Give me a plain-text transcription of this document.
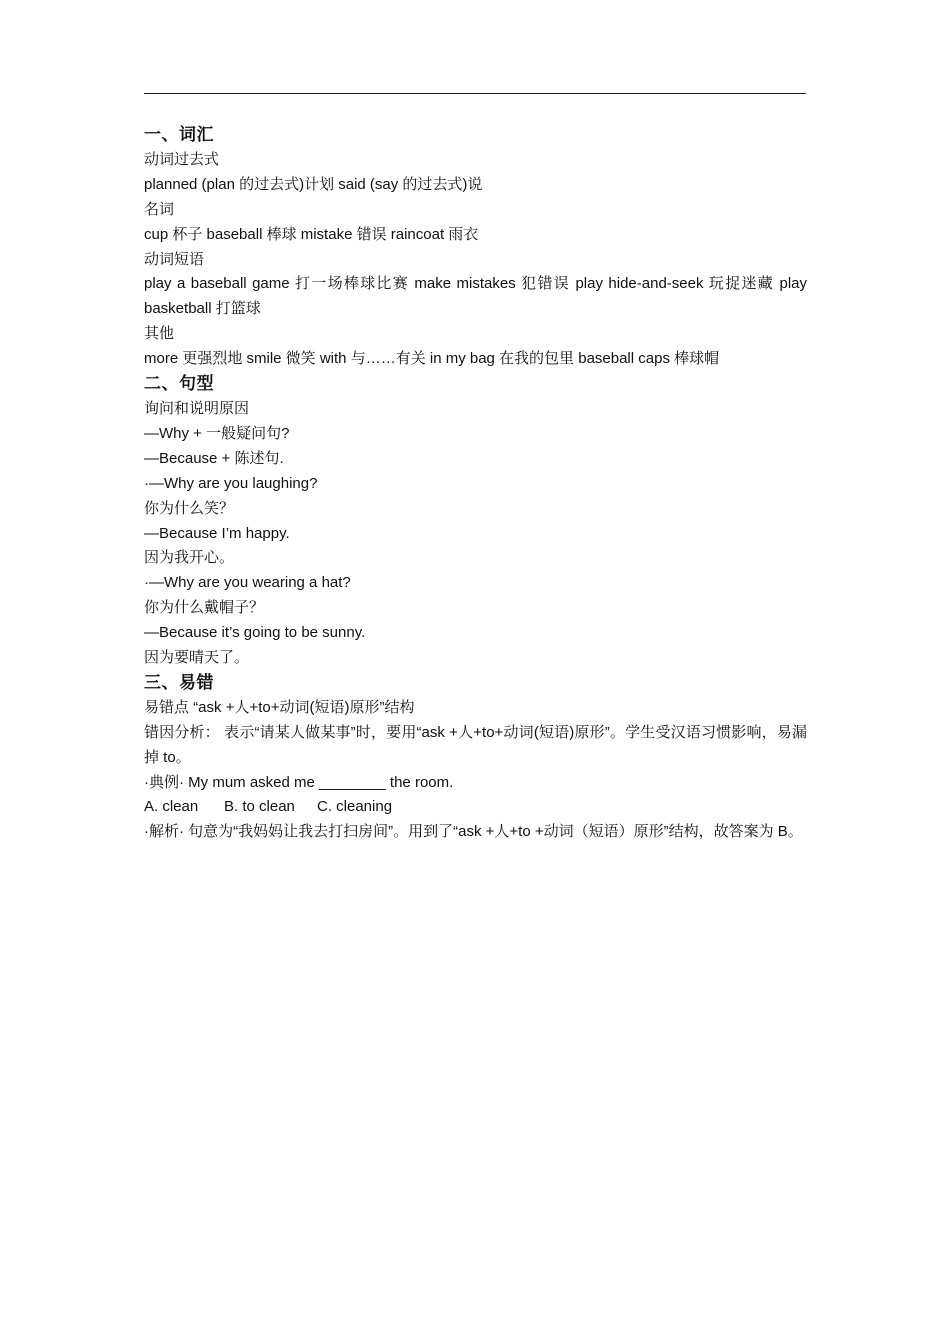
一、词汇

动词过去式

planned (plan 的过去式)计划 said (say 的过去式)说

名词

cup 杯子 baseball 棒球 mistake 错误 raincoat 雨衣

动词短语

play a baseball game 打一场棒球比赛 make mistakes 犯错误 play hide-and-seek 玩捉迷藏 play basketball 打篮球

其他

more 更强烈地 smile 微笑 with 与……有关 in my bag 在我的包里 baseball caps 棒球帽

二、句型

询问和说明原因

—Why + 一般疑问句?

—Because + 陈述句.

·—Why are you laughing?

你为什么笑？

—Because I’m happy.

因为我开心。

·—Why are you wearing a hat?

你为什么戴帽子？

—Because it’s going to be sunny.

因为要晴天了。

三、易错

易错点 “ask +人+to+动词(短语)原形”结构

错因分析： 表示“请某人做某事”时，要用“ask +人+to+动词(短语)原形”。学生受汉语习惯影响，易漏掉 to。

·典例· My mum asked me ________ the room.

A. clean	B. to clean	C. cleaning

·解析· 句意为“我妈妈让我去打扫房间”。用到了“ask +人+to +动词（短语）原形”结构，故答案为 B。
